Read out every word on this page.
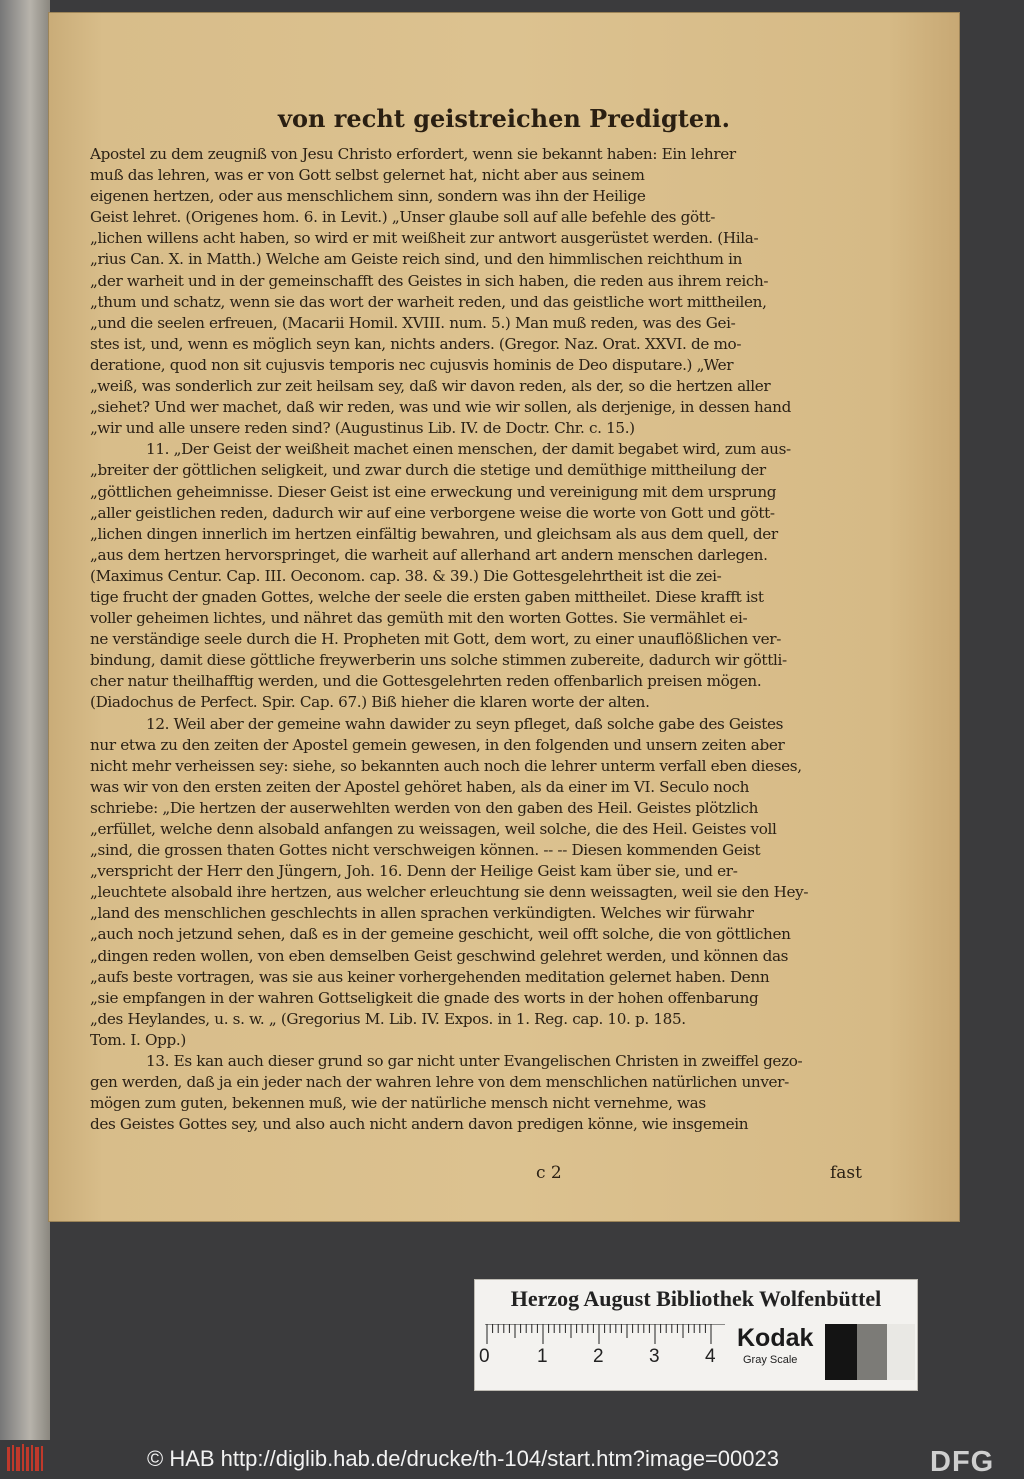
von recht geistreichen Predigten.
Apostel zu dem zeugniß von Jesu Christo erfordert, wenn sie bekannt haben: Ein lehrer
muß das lehren, was er von Gott selbst gelernet hat, nicht aber aus seinem
eigenen hertzen, oder aus menschlichem sinn, sondern was ihn der Heilige
Geist lehret. (Origenes hom. 6. in Levit.) „Unser glaube soll auf alle befehle des gött-
„lichen willens acht haben, so wird er mit weißheit zur antwort ausgerüstet werden. (Hila-
„rius Can. X. in Matth.) Welche am Geiste reich sind, und den himmlischen reichthum in
„der warheit und in der gemeinschafft des Geistes in sich haben, die reden aus ihrem reich-
„thum und schatz, wenn sie das wort der warheit reden, und das geistliche wort mittheilen,
„und die seelen erfreuen, (Macarii Homil. XVIII. num. 5.) Man muß reden, was des Gei-
stes ist, und, wenn es möglich seyn kan, nichts anders. (Gregor. Naz. Orat. XXVI. de mo-
deratione, quod non sit cujusvis temporis nec cujusvis hominis de Deo disputare.) „Wer
„weiß, was sonderlich zur zeit heilsam sey, daß wir davon reden, als der, so die hertzen aller
„siehet? Und wer machet, daß wir reden, was und wie wir sollen, als derjenige, in dessen hand
„wir und alle unsere reden sind? (Augustinus Lib. IV. de Doctr. Chr. c. 15.)
11. „Der Geist der weißheit machet einen menschen, der damit begabet wird, zum aus-
„breiter der göttlichen seligkeit, und zwar durch die stetige und demüthige mittheilung der
„göttlichen geheimnisse. Dieser Geist ist eine erweckung und vereinigung mit dem ursprung
„aller geistlichen reden, dadurch wir auf eine verborgene weise die worte von Gott und gött-
„lichen dingen innerlich im hertzen einfältig bewahren, und gleichsam als aus dem quell, der
„aus dem hertzen hervorspringet, die warheit auf allerhand art andern menschen darlegen.
(Maximus Centur. Cap. III. Oeconom. cap. 38. & 39.) Die Gottesgelehrtheit ist die zei-
tige frucht der gnaden Gottes, welche der seele die ersten gaben mittheilet. Diese krafft ist
voller geheimen lichtes, und nähret das gemüth mit den worten Gottes. Sie vermählet ei-
ne verständige seele durch die H. Propheten mit Gott, dem wort, zu einer unauflößlichen ver-
bindung, damit diese göttliche freywerberin uns solche stimmen zubereite, dadurch wir göttli-
cher natur theilhafftig werden, und die Gottesgelehrten reden offenbarlich preisen mögen.
(Diadochus de Perfect. Spir. Cap. 67.) Biß hieher die klaren worte der alten.
12. Weil aber der gemeine wahn dawider zu seyn pfleget, daß solche gabe des Geistes
nur etwa zu den zeiten der Apostel gemein gewesen, in den folgenden und unsern zeiten aber
nicht mehr verheissen sey: siehe, so bekannten auch noch die lehrer unterm verfall eben dieses,
was wir von den ersten zeiten der Apostel gehöret haben, als da einer im VI. Seculo noch
schriebe: „Die hertzen der auserwehlten werden von den gaben des Heil. Geistes plötzlich
„erfüllet, welche denn alsobald anfangen zu weissagen, weil solche, die des Heil. Geistes voll
„sind, die grossen thaten Gottes nicht verschweigen können. -- -- Diesen kommenden Geist
„verspricht der Herr den Jüngern, Joh. 16. Denn der Heilige Geist kam über sie, und er-
„leuchtete alsobald ihre hertzen, aus welcher erleuchtung sie denn weissagten, weil sie den Hey-
„land des menschlichen geschlechts in allen sprachen verkündigten. Welches wir fürwahr
„auch noch jetzund sehen, daß es in der gemeine geschicht, weil offt solche, die von göttlichen
„dingen reden wollen, von eben demselben Geist geschwind gelehret werden, und können das
„aufs beste vortragen, was sie aus keiner vorhergehenden meditation gelernet haben. Denn
„sie empfangen in der wahren Gottseligkeit die gnade des worts in der hohen offenbarung
„des Heylandes, u. s. w. „ (Gregorius M. Lib. IV. Expos. in 1. Reg. cap. 10. p. 185.
Tom. I. Opp.)
13. Es kan auch dieser grund so gar nicht unter Evangelischen Christen in zweiffel gezo-
gen werden, daß ja ein jeder nach der wahren lehre von dem menschlichen natürlichen unver-
mögen zum guten, bekennen muß, wie der natürliche mensch nicht vernehme, was
des Geistes Gottes sey, und also auch nicht andern davon predigen könne, wie insgemein
c 2	fast
Herzog August Bibliothek Wolfenbüttel
0 1 2 3 4
Kodak
Gray Scale
© HAB http://diglib.hab.de/drucke/th-104/start.htm?image=00023	DFG
